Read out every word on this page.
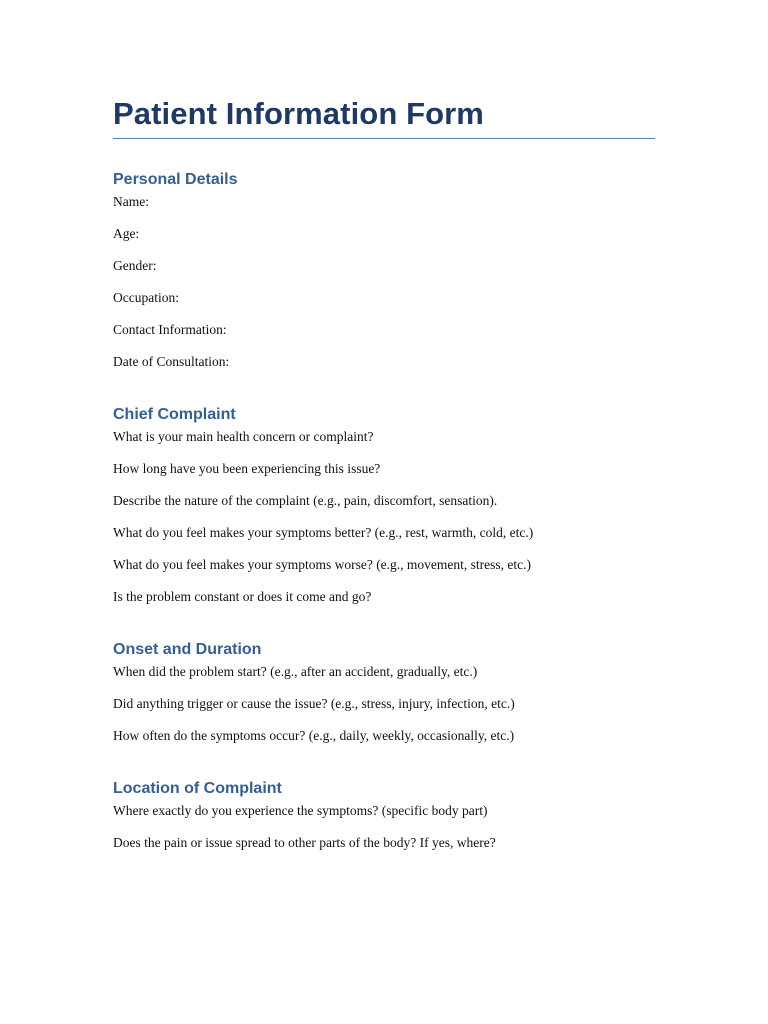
Patient Information Form
Personal Details

Name:

Age:

Gender:

Occupation:

Contact Information:

Date of Consultation:

Chief Complaint

What is your main health concern or complaint?

How long have you been experiencing this issue?

Describe the nature of the complaint (e.g., pain, discomfort, sensation).

What do you feel makes your symptoms better? (e.g., rest, warmth, cold, etc.)

What do you feel makes your symptoms worse? (e.g., movement, stress, etc.)

Is the problem constant or does it come and go?

Onset and Duration

When did the problem start? (e.g., after an accident, gradually, etc.)

Did anything trigger or cause the issue? (e.g., stress, injury, infection, etc.)

How often do the symptoms occur? (e.g., daily, weekly, occasionally, etc.)

Location of Complaint

Where exactly do you experience the symptoms? (specific body part)

Does the pain or issue spread to other parts of the body? If yes, where?
